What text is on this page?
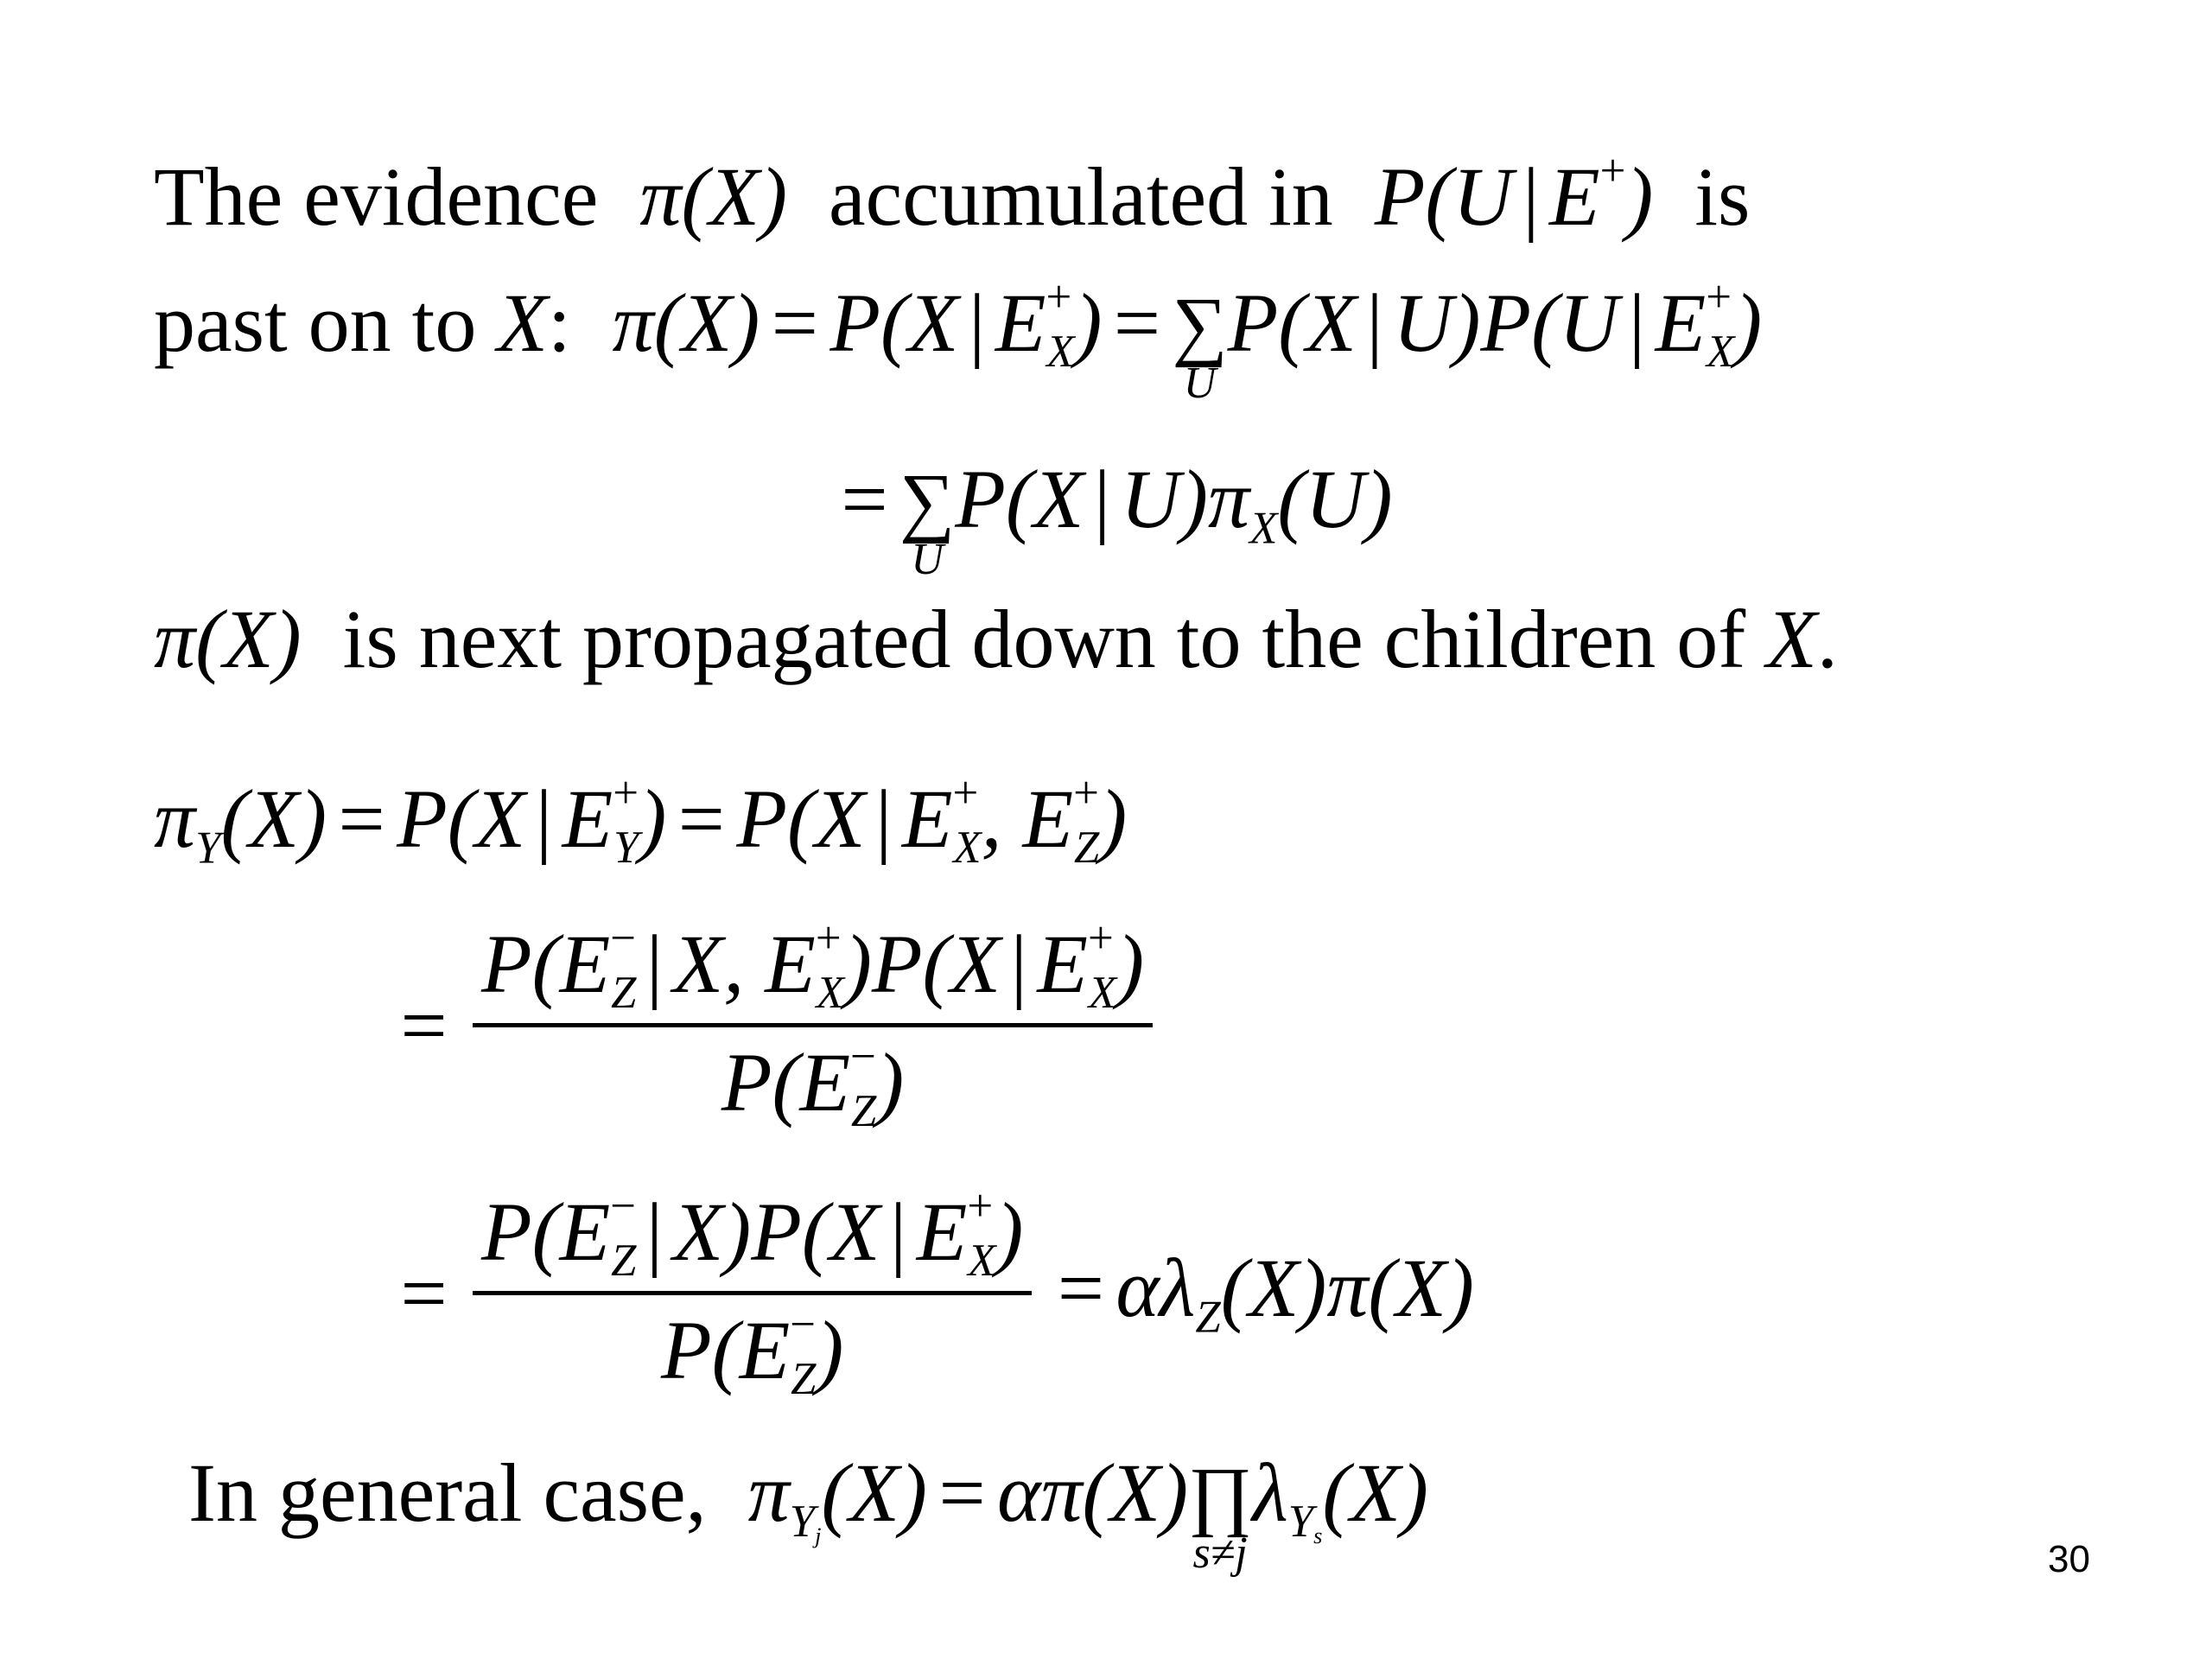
The evidence  π(X)  accumulated in  P(U | E+)  is
past on to X:  π(X) = P(X | $E^+_X$) = ∑
U
P(X | U)P(U | $E^+_X$)
= ∑
U
P(X | $U)\pi_X(U)$
π(X)  is next propagated down to the children of X.
$\pi_Y(X) = P(X$ | $E^+_Y) = P(X$ | $E^+_X$, $E^+_Z$)
=
$P(E^-_Z$ | X, $E^+_X)P(X$ | $E^+_X$)
$P(E^-_Z)$
=
$P(E^-_Z$ | X)P(X | $E^+_X$)
$P(E^-_Z)$
= $\alpha\lambda_Z(X)\pi(X)$
In general case,  $\pi_{Yj}(X)$ = απ(X)∏
s≠j
$\lambda_{Ys}(X)$
30
